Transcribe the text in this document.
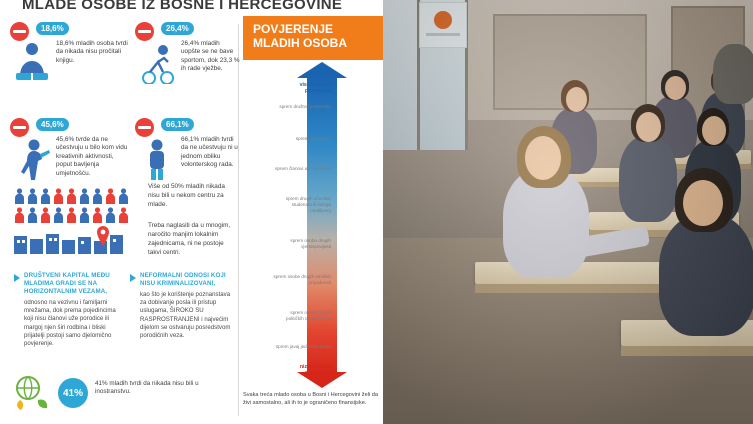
MLADE OSOBE IZ BOSNE I HERCEGOVINE
18,6%
18,6% mladih osoba tvrdi da nikada nisu pročitali knjigu.
45,6%
45,6% tvrde da ne učestvuju u bilo kom vidu kreativnih aktivnosti, poput bavljenja umjetnošću.
26,4%
26,4% mladih uopšte se ne bave sportom, dok 23,3 % ih rade vježbe.
66,1%
66,1% mladih tvrdi da ne učestvuju ni u jednom obliku volonterskog rada.
Više od 50% mladih nikada nisu bili u nekom centru za mlade.
Treba naglasiti da u mnogim, naročito manjim lokalnim zajednicama, ni ne postoje takvi centri.
DRUŠTVENI KAPITAL MEĐU MLADIMA GRADI SE NA HORIZONTALNIM VEZAMA,
odnosno na vezivnu i familjarni mrežama, dok prema pojedincima koji nisu članovi uže porodice ili margoj njen širi rodbina i bliski prijatelji postoji samo djelomično povjerenje.
NEFORMALNI ODNOSI KOJI NISU KRIMINALIZOVANI,
kao što je korištenje poznanstava za dobivanje posla ili pristup uslugama, ŠIROKO SU RASPROSTRANJENI i najvećim dijelom se ostvaruju posredstvom porodičnih veza.
41%
41% mladih tvrdi da nikada nisu bili u inostranstvu.
POVJERENJE MLADIH OSOBA
visok stepen povjerenja
sprem društvo povjerenja
sprem povjerenja
sprem članovi uže porodice
sprem drugih učenika/ studenata ili kolega osobljenoj
sprem osoba drugih vjeroispovijesti
sprem osobe drugih etničkih pripadnosti
sprem osobe drugih političkih opredjeljenja
sprem javaj jedinstvo vlada
nizak stepen povjerenja
Svaka treća mlado osoba u Bosni i Hercegovini želi da živi samostalno, ali ih to je ograničeno finansijske.
